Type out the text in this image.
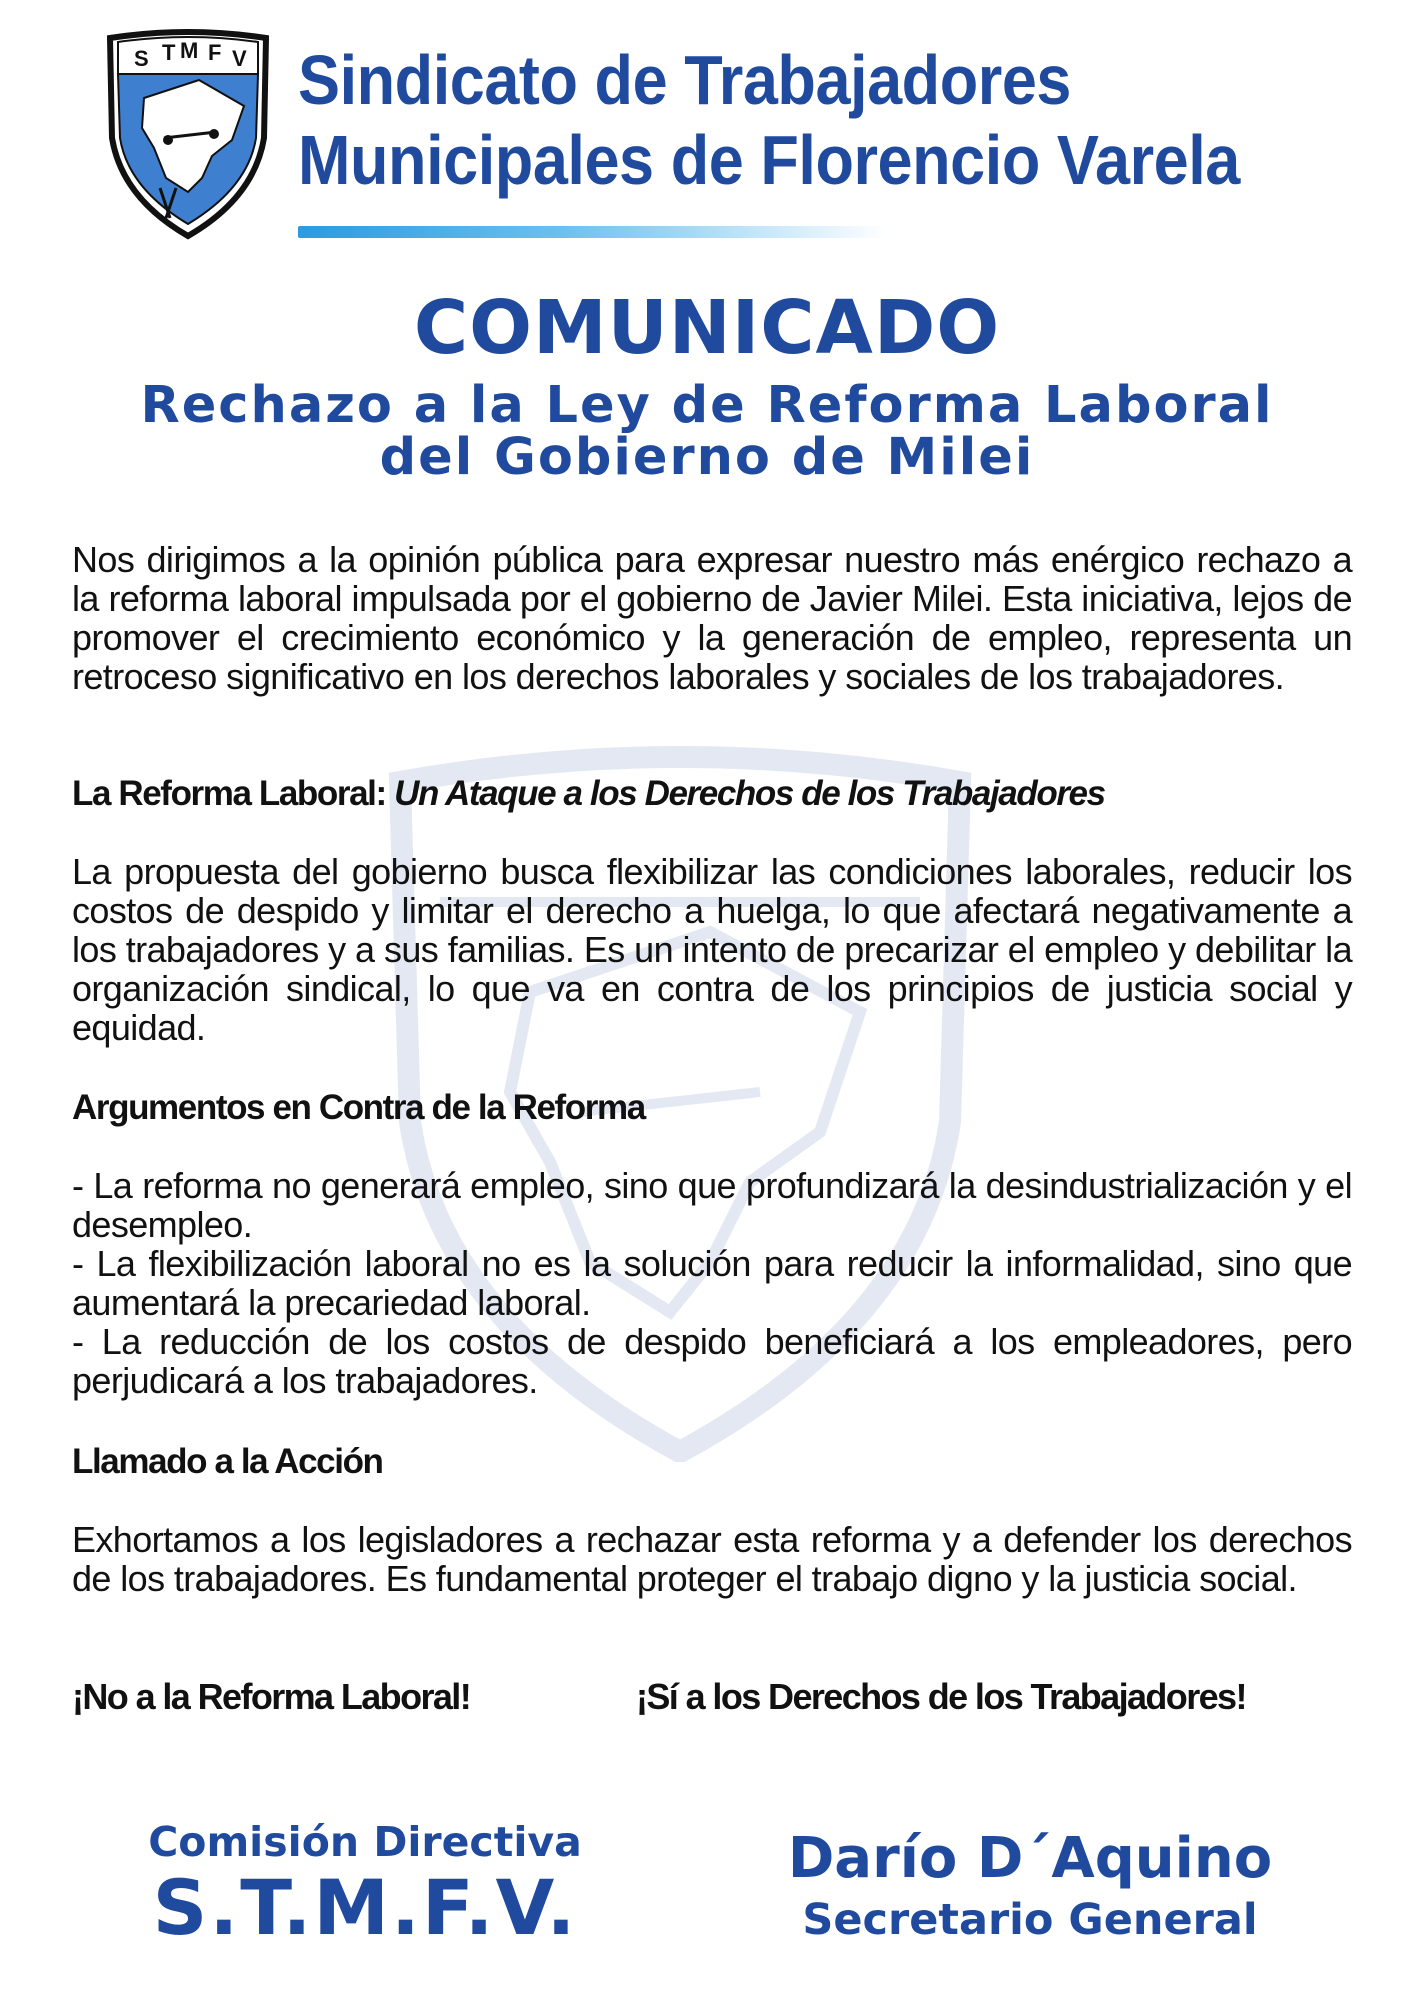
S T M F V Sindicato de Trabajadores
Municipales de Florencio Varela
COMUNICADO
Rechazo a la Ley de Reforma Laboral
del Gobierno de Milei
Nos dirigimos a la opinión pública para expresar nuestro más enérgico rechazo a la reforma laboral impulsada por el gobierno de Javier Milei. Esta iniciativa, lejos de promover el crecimiento económico y la generación de empleo, representa un retroceso significativo en los derechos laborales y sociales de los trabajadores.
La Reforma Laboral: Un Ataque a los Derechos de los Trabajadores
La propuesta del gobierno busca flexibilizar las condiciones laborales, reducir los costos de despido y limitar el derecho a huelga, lo que afectará negativamente a los trabajadores y a sus familias. Es un intento de precarizar el empleo y debilitar la organización sindical, lo que va en contra de los principios de justicia social y equidad.
Argumentos en Contra de la Reforma
- La reforma no generará empleo, sino que profundizará la desindustrialización y el desempleo.
- La flexibilización laboral no es la solución para reducir la informalidad, sino que aumentará la precariedad laboral.
- La reducción de los costos de despido beneficiará a los empleadores, pero perjudicará a los trabajadores.
Llamado a la Acción
Exhortamos a los legisladores a rechazar esta reforma y a defender los derechos de los trabajadores. Es fundamental proteger el trabajo digno y la justicia social.
¡No a la Reforma Laboral!	¡Sí a los Derechos de los Trabajadores!
Comisión Directiva
S.T.M.F.V.
Darío D´Aquino
Secretario General
